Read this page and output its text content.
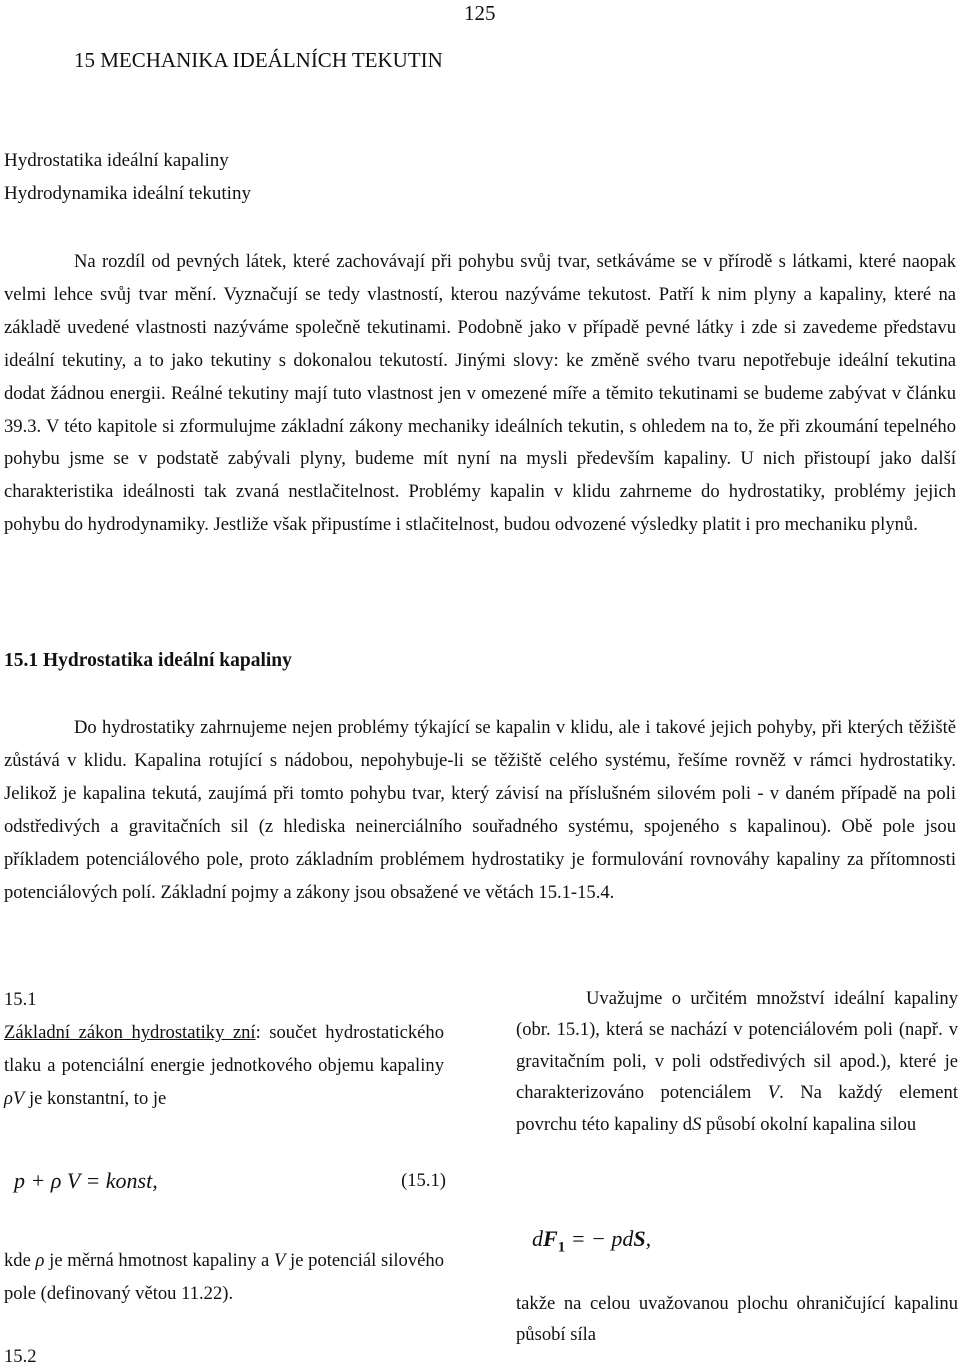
125
15 MECHANIKA IDEÁLNÍCH TEKUTIN
Hydrostatika ideální kapaliny
Hydrodynamika ideální tekutiny

Na rozdíl od pevných látek, které zachovávají při pohybu svůj tvar, setkáváme se v přírodě s látkami, které naopak velmi lehce svůj tvar mění. Vyznačují se tedy vlastností, kterou nazýváme tekutost. Patří k nim plyny a kapaliny, které na základě uvedené vlastnosti nazýváme společně tekutinami. Podobně jako v případě pevné látky i zde si zavedeme představu ideální tekutiny, a to jako tekutiny s dokonalou tekutostí. Jinými slovy: ke změně svého tvaru nepotřebuje ideální tekutina dodat žádnou energii. Reálné tekutiny mají tuto vlastnost jen v omezené míře a těmito tekutinami se budeme zabývat v článku 39.3. V této kapitole si zformulujme základní zákony mechaniky ideálních tekutin, s ohledem na to, že při zkoumání tepelného pohybu jsme se v podstatě zabývali plyny, budeme mít nyní na mysli především kapaliny. U nich přistoupí jako další charakteristika ideálnosti tak zvaná nestlačitelnost. Problémy kapalin v klidu zahrneme do hydrostatiky, problémy jejich pohybu do hydrodynamiky. Jestliže však připustíme i stlačitelnost, budou odvozené výsledky platit i pro mechaniku plynů.

15.1 Hydrostatika ideální kapaliny

Do hydrostatiky zahrnujeme nejen problémy týkající se kapalin v klidu, ale i takové jejich pohyby, při kterých těžiště zůstává v klidu. Kapalina rotující s nádobou, nepohybuje-li se těžiště celého systému, řešíme rovněž v rámci hydrostatiky. Jelikož je kapalina tekutá, zaujímá při tomto pohybu tvar, který závisí na příslušném silovém poli - v daném případě na poli odstředivých a gravitačních sil (z hlediska neinerciálního souřadného systému, spojeného s kapalinou). Obě pole jsou příkladem potenciálového pole, proto základním problémem hydrostatiky je formulování rovnováhy kapaliny za přítomnosti potenciálových polí. Základní pojmy a zákony jsou obsažené ve větách 15.1-15.4.

15.1

Základní zákon hydrostatiky zní: součet hydrostatického tlaku a potenciální energie jednotkového objemu kapaliny ρV je konstantní, to je

p + ρ V = konst,	(15.1)
kde ρ je měrná hmotnost kapaliny a V je potenciál silového pole (definovaný větou 11.22).
15.2
Uvažujme o určitém množství ideální kapaliny (obr. 15.1), která se nachází v potenciálovém poli (např. v gravitačním poli, v poli odstředivých sil apod.), které je charakterizováno potenciálem V. Na každý element povrchu této kapaliny dS působí okolní kapalina silou
$dF_1$ = − pdS,
takže na celou uvažovanou plochu ohraničující kapalinu působí síla
